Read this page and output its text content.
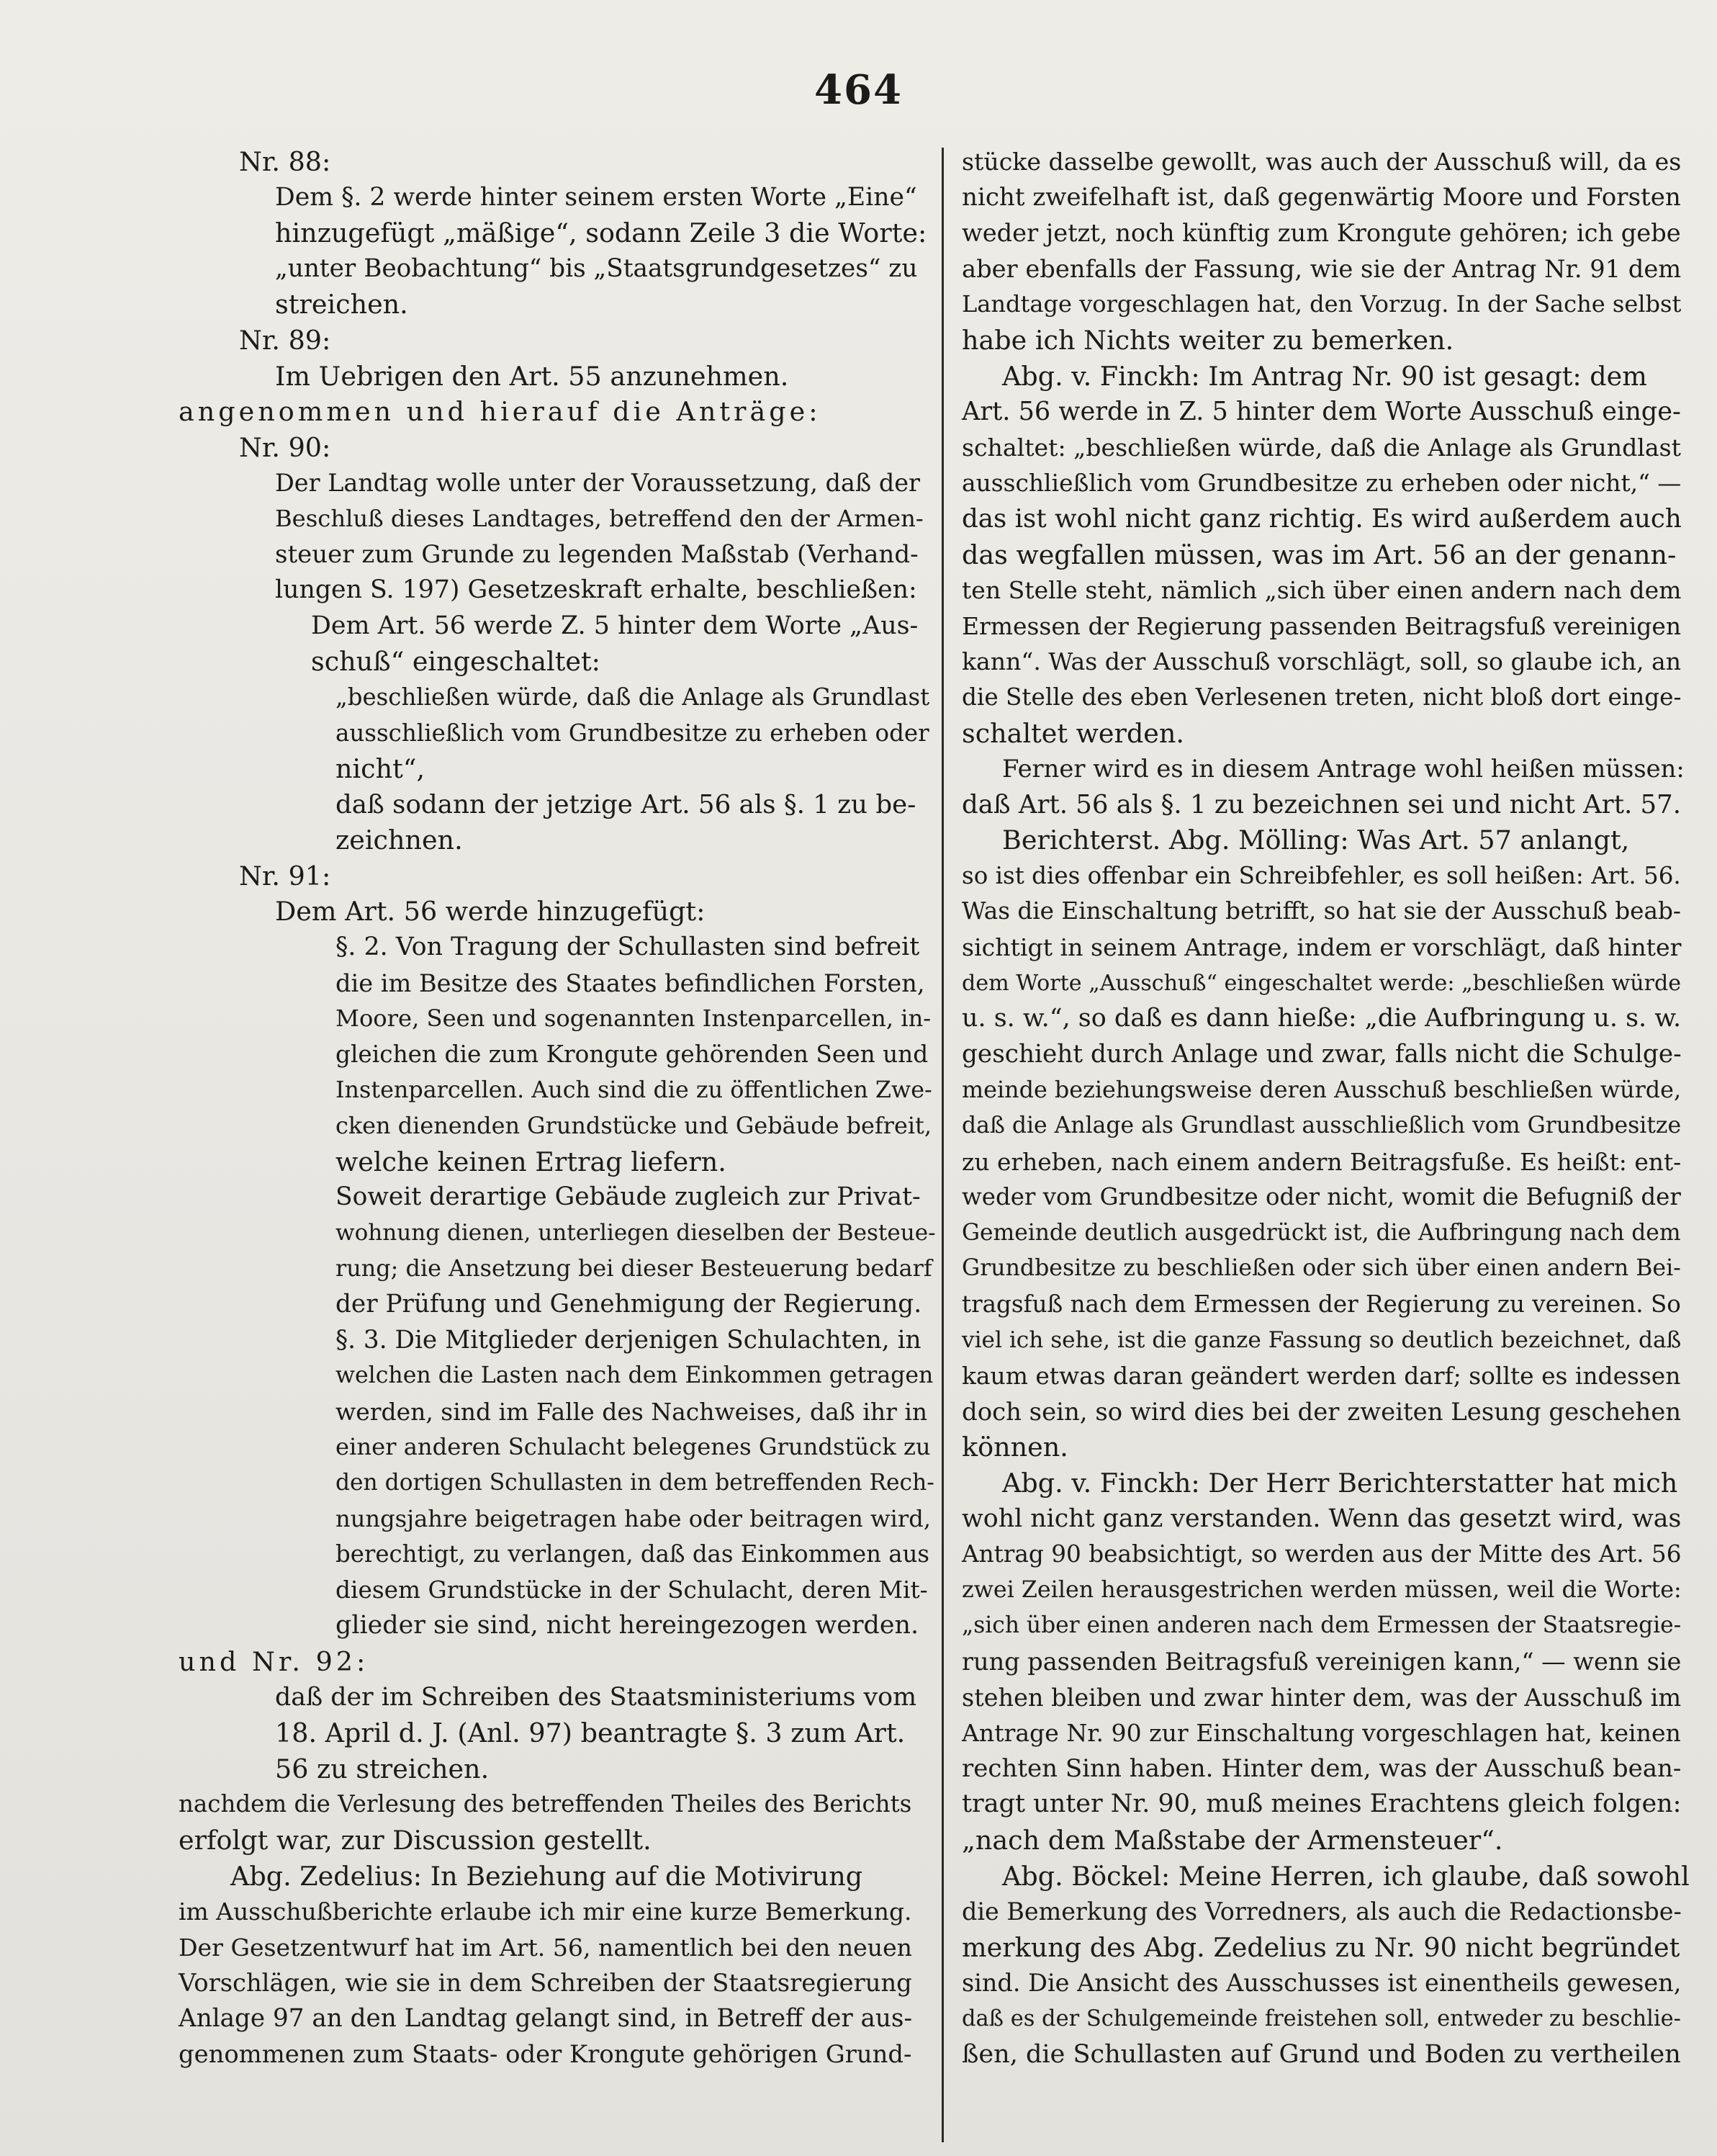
464
Nr. 88:
Dem §. 2 werde hinter seinem ersten Worte „Eine“
hinzugefügt „mäßige“, sodann Zeile 3 die Worte:
„unter Beobachtung“ bis „Staatsgrundgesetzes“ zu
streichen.
Nr. 89:
Im Uebrigen den Art. 55 anzunehmen.
angenommen und hierauf die Anträge:
Nr. 90:
Der Landtag wolle unter der Voraussetzung, daß der
Beschluß dieses Landtages, betreffend den der Armen-
steuer zum Grunde zu legenden Maßstab (Verhand-
lungen S. 197) Gesetzeskraft erhalte, beschließen:
Dem Art. 56 werde Z. 5 hinter dem Worte „Aus-
schuß“ eingeschaltet:
„beschließen würde, daß die Anlage als Grundlast
ausschließlich vom Grundbesitze zu erheben oder
nicht“,
daß sodann der jetzige Art. 56 als §. 1 zu be-
zeichnen.
Nr. 91:
Dem Art. 56 werde hinzugefügt:
§. 2. Von Tragung der Schullasten sind befreit
die im Besitze des Staates befindlichen Forsten,
Moore, Seen und sogenannten Instenparcellen, in-
gleichen die zum Krongute gehörenden Seen und
Instenparcellen. Auch sind die zu öffentlichen Zwe-
cken dienenden Grundstücke und Gebäude befreit,
welche keinen Ertrag liefern.
Soweit derartige Gebäude zugleich zur Privat-
wohnung dienen, unterliegen dieselben der Besteue-
rung; die Ansetzung bei dieser Besteuerung bedarf
der Prüfung und Genehmigung der Regierung.
§. 3. Die Mitglieder derjenigen Schulachten, in
welchen die Lasten nach dem Einkommen getragen
werden, sind im Falle des Nachweises, daß ihr in
einer anderen Schulacht belegenes Grundstück zu
den dortigen Schullasten in dem betreffenden Rech-
nungsjahre beigetragen habe oder beitragen wird,
berechtigt, zu verlangen, daß das Einkommen aus
diesem Grundstücke in der Schulacht, deren Mit-
glieder sie sind, nicht hereingezogen werden.
und Nr. 92:
daß der im Schreiben des Staatsministeriums vom
18. April d. J. (Anl. 97) beantragte §. 3 zum Art.
56 zu streichen.
nachdem die Verlesung des betreffenden Theiles des Berichts
erfolgt war, zur Discussion gestellt.
Abg. Zedelius: In Beziehung auf die Motivirung
im Ausschußberichte erlaube ich mir eine kurze Bemerkung.
Der Gesetzentwurf hat im Art. 56, namentlich bei den neuen
Vorschlägen, wie sie in dem Schreiben der Staatsregierung
Anlage 97 an den Landtag gelangt sind, in Betreff der aus-
genommenen zum Staats- oder Krongute gehörigen Grund-
stücke dasselbe gewollt, was auch der Ausschuß will, da es
nicht zweifelhaft ist, daß gegenwärtig Moore und Forsten
weder jetzt, noch künftig zum Krongute gehören; ich gebe
aber ebenfalls der Fassung, wie sie der Antrag Nr. 91 dem
Landtage vorgeschlagen hat, den Vorzug. In der Sache selbst
habe ich Nichts weiter zu bemerken.
Abg. v. Finckh: Im Antrag Nr. 90 ist gesagt: dem
Art. 56 werde in Z. 5 hinter dem Worte Ausschuß einge-
schaltet: „beschließen würde, daß die Anlage als Grundlast
ausschließlich vom Grundbesitze zu erheben oder nicht,“ —
das ist wohl nicht ganz richtig. Es wird außerdem auch
das wegfallen müssen, was im Art. 56 an der genann-
ten Stelle steht, nämlich „sich über einen andern nach dem
Ermessen der Regierung passenden Beitragsfuß vereinigen
kann“. Was der Ausschuß vorschlägt, soll, so glaube ich, an
die Stelle des eben Verlesenen treten, nicht bloß dort einge-
schaltet werden.
Ferner wird es in diesem Antrage wohl heißen müssen:
daß Art. 56 als §. 1 zu bezeichnen sei und nicht Art. 57.
Berichterst. Abg. Mölling: Was Art. 57 anlangt,
so ist dies offenbar ein Schreibfehler, es soll heißen: Art. 56.
Was die Einschaltung betrifft, so hat sie der Ausschuß beab-
sichtigt in seinem Antrage, indem er vorschlägt, daß hinter
dem Worte „Ausschuß“ eingeschaltet werde: „beschließen würde
u. s. w.“, so daß es dann hieße: „die Aufbringung u. s. w.
geschieht durch Anlage und zwar, falls nicht die Schulge-
meinde beziehungsweise deren Ausschuß beschließen würde,
daß die Anlage als Grundlast ausschließlich vom Grundbesitze
zu erheben, nach einem andern Beitragsfuße. Es heißt: ent-
weder vom Grundbesitze oder nicht, womit die Befugniß der
Gemeinde deutlich ausgedrückt ist, die Aufbringung nach dem
Grundbesitze zu beschließen oder sich über einen andern Bei-
tragsfuß nach dem Ermessen der Regierung zu vereinen. So
viel ich sehe, ist die ganze Fassung so deutlich bezeichnet, daß
kaum etwas daran geändert werden darf; sollte es indessen
doch sein, so wird dies bei der zweiten Lesung geschehen
können.
Abg. v. Finckh: Der Herr Berichterstatter hat mich
wohl nicht ganz verstanden. Wenn das gesetzt wird, was
Antrag 90 beabsichtigt, so werden aus der Mitte des Art. 56
zwei Zeilen herausgestrichen werden müssen, weil die Worte:
„sich über einen anderen nach dem Ermessen der Staatsregie-
rung passenden Beitragsfuß vereinigen kann,“ — wenn sie
stehen bleiben und zwar hinter dem, was der Ausschuß im
Antrage Nr. 90 zur Einschaltung vorgeschlagen hat, keinen
rechten Sinn haben. Hinter dem, was der Ausschuß bean-
tragt unter Nr. 90, muß meines Erachtens gleich folgen:
„nach dem Maßstabe der Armensteuer“.
Abg. Böckel: Meine Herren, ich glaube, daß sowohl
die Bemerkung des Vorredners, als auch die Redactionsbe-
merkung des Abg. Zedelius zu Nr. 90 nicht begründet
sind. Die Ansicht des Ausschusses ist einentheils gewesen,
daß es der Schulgemeinde freistehen soll, entweder zu beschlie-
ßen, die Schullasten auf Grund und Boden zu vertheilen
